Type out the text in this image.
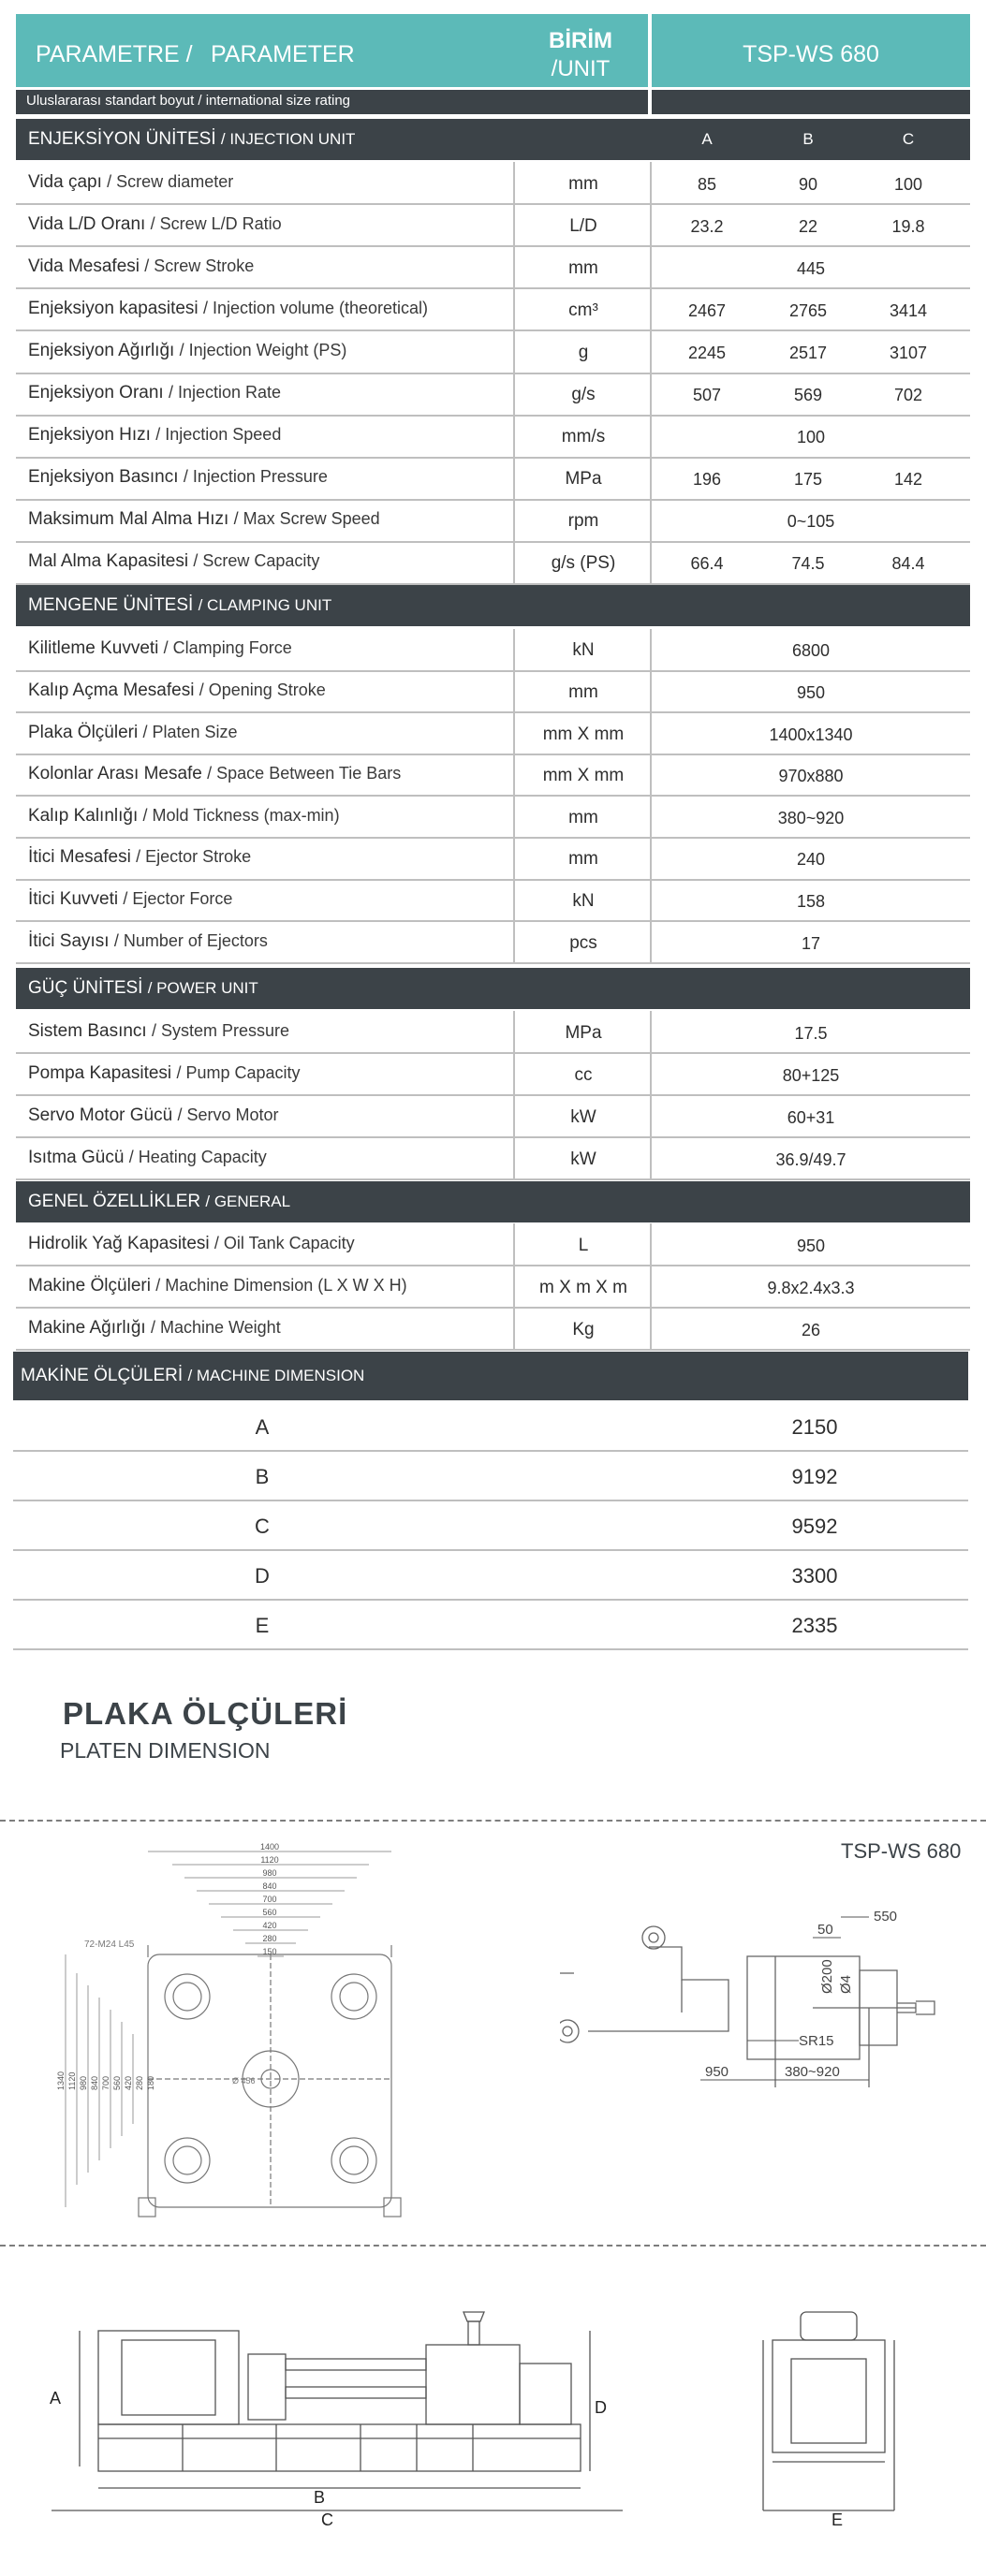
PARAMETRE / PARAMETER
BİRİM
/UNIT
TSP-WS 680
Uluslararası standart boyut / international size rating
ENJEKSİYON ÜNİTESİ / INJECTION UNIT	A	B	C
Vida çapı / Screw diameter	mm	85	90	100
Vida L/D Oranı / Screw L/D Ratio	L/D	23.2	22	19.8
Vida Mesafesi / Screw Stroke	mm	445
Enjeksiyon kapasitesi / Injection volume (theoretical)	cm³	2467	2765	3414
Enjeksiyon Ağırlığı / Injection Weight (PS)	g	2245	2517	3107
Enjeksiyon Oranı / Injection Rate	g/s	507	569	702
Enjeksiyon Hızı / Injection Speed	mm/s	100
Enjeksiyon Basıncı / Injection Pressure	MPa	196	175	142
Maksimum Mal Alma Hızı / Max Screw Speed	rpm	0~105
Mal Alma Kapasitesi / Screw Capacity	g/s (PS)	66.4	74.5	84.4
MENGENE ÜNİTESİ / CLAMPING UNIT
Kilitleme Kuvveti / Clamping Force	kN	6800
Kalıp Açma Mesafesi / Opening Stroke	mm	950
Plaka Ölçüleri / Platen Size	mm X mm	1400x1340
Kolonlar Arası Mesafe / Space Between Tie Bars	mm X mm	970x880
Kalıp Kalınlığı / Mold Tickness (max-min)	mm	380~920
İtici Mesafesi / Ejector Stroke	mm	240
İtici Kuvveti / Ejector Force	kN	158
İtici Sayısı / Number of Ejectors	pcs	17
GÜÇ ÜNİTESİ / POWER UNIT
Sistem Basıncı / System Pressure	MPa	17.5
Pompa Kapasitesi / Pump Capacity	cc	80+125
Servo Motor Gücü / Servo Motor	kW	60+31
Isıtma Gücü / Heating Capacity	kW	36.9/49.7
GENEL ÖZELLİKLER / GENERAL
Hidrolik Yağ Kapasitesi / Oil Tank Capacity	L	950
Makine Ölçüleri / Machine Dimension (L X W X H)	m X m X m	9.8x2.4x3.3
Makine Ağırlığı / Machine Weight	Kg	26
MAKİNE ÖLÇÜLERİ / MACHINE DIMENSION
A	2150
B	9192
C	9592
D	3300
E	2335
PLAKA ÖLÇÜLERİ
PLATEN DIMENSION
TSP-WS 680
1400
1120
980
840
700
560
420
280
150
1340 1120 980 840 700 560 420 280 180
72-M24 L45
Ø 456
550
50
Ø200 Ø4
SR15
950	380~920
A
B
C
D
E
